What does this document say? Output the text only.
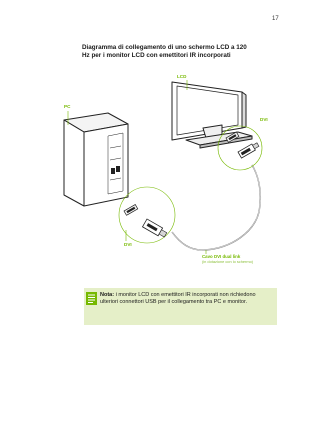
17
Diagramma di collegamento di uno schermo LCD a 120
Hz per i monitor LCD con emettitori IR incorporati
LCD
PC
DVI
DVI
Cavo DVI dual link
(in dotazione con lo schermo)
Nota: i monitor LCD con emettitori IR incorporati non richiedono ulteriori connettori USB per il collegamento tra PC e monitor.
